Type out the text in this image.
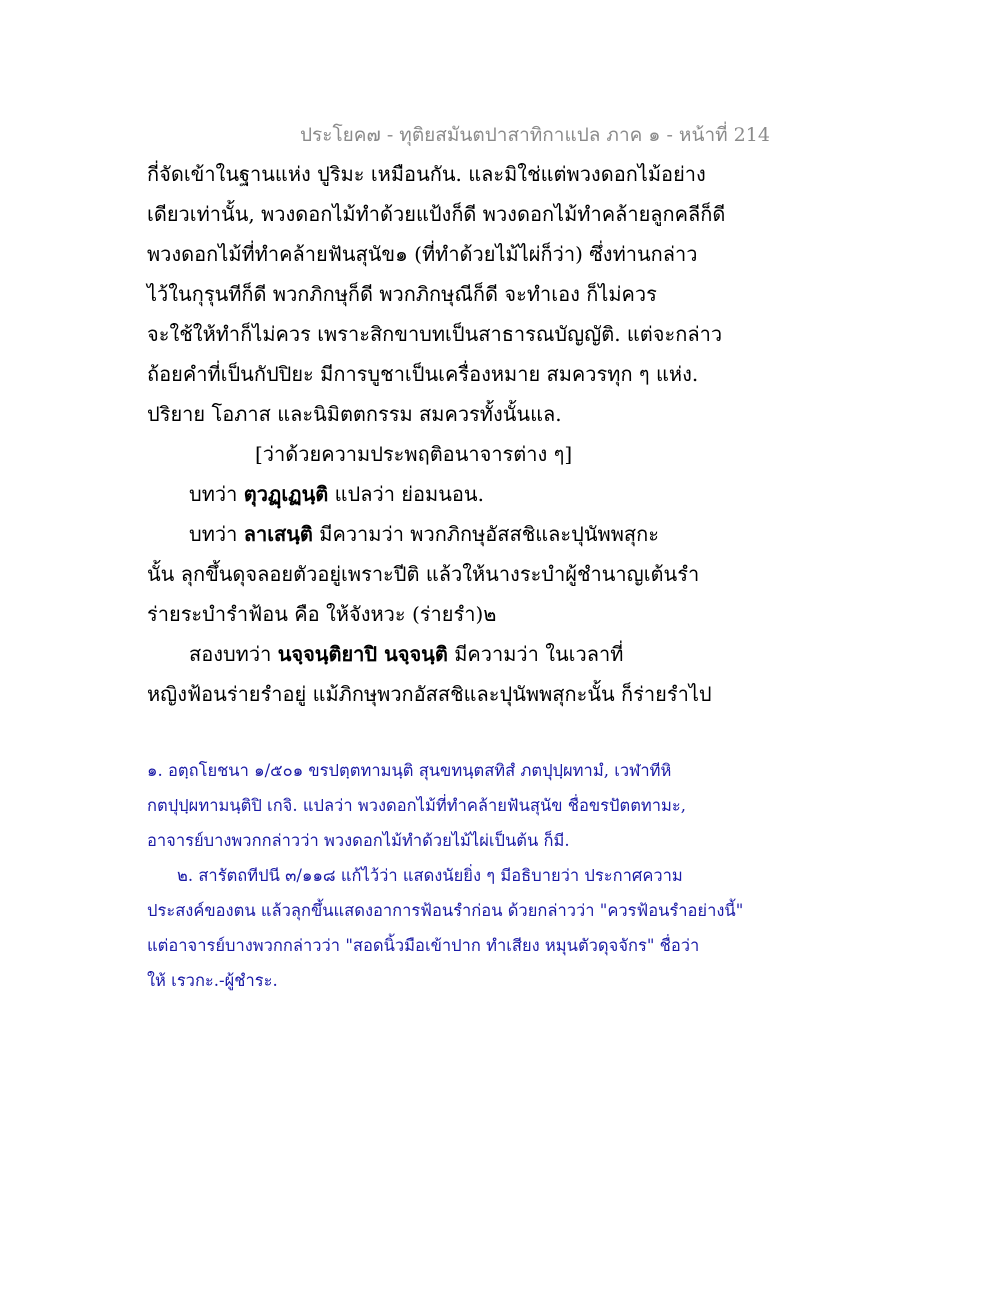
ประโยค๗ - ทุติยสมันตปาสาทิกาแปล ภาค ๑ - หน้าที่ 214
กี่จัดเข้าในฐานแห่ง ปูริมะ เหมือนกัน. และมิใช่แต่พวงดอกไม้อย่าง
เดียวเท่านั้น, พวงดอกไม้ทำด้วยแป้งก็ดี พวงดอกไม้ทำคล้ายลูกคลีก็ดี
พวงดอกไม้ที่ทำคล้ายฟันสุนัข๑ (ที่ทำด้วยไม้ไผ่ก็ว่า) ซึ่งท่านกล่าว
ไว้ในกุรุนทีก็ดี พวกภิกษุก็ดี พวกภิกษุณีก็ดี จะทำเอง ก็ไม่ควร
จะใช้ให้ทำก็ไม่ควร เพราะสิกขาบทเป็นสาธารณบัญญัติ. แต่จะกล่าว
ถ้อยคำที่เป็นกัปปิยะ มีการบูชาเป็นเครื่องหมาย สมควรทุก ๆ แห่ง.
ปริยาย โอภาส และนิมิตตกรรม สมควรทั้งนั้นแล.
[ว่าด้วยความประพฤติอนาจารต่าง ๆ]
บทว่า ตุวฏฺเฏนฺติ แปลว่า ย่อมนอน.
บทว่า ลาเสนฺติ มีความว่า พวกภิกษุอัสสชิและปุนัพพสุกะ
นั้น ลุกขึ้นดุจลอยตัวอยู่เพราะปีติ แล้วให้นางระบำผู้ชำนาญเต้นรำ
ร่ายระบำรำฟ้อน คือ ให้จังหวะ (ร่ายรำ)๒
สองบทว่า นจฺจนฺติยาปิ นจฺจนฺติ มีความว่า ในเวลาที่
หญิงฟ้อนร่ายรำอยู่ แม้ภิกษุพวกอัสสชิและปุนัพพสุกะนั้น ก็ร่ายรำไป
๑. อตฺถโยชนา ๑/๕๐๑ ขรปตฺตทามนฺติ สุนขทนฺตสทิสํ ภตปุปฺผทามํ, เวฬาทีหิ
กตปุปฺผทามนฺติปิ เกจิ. แปลว่า พวงดอกไม้ที่ทำคล้ายฟันสุนัข ชื่อขรปัตตทามะ,
อาจารย์บางพวกกล่าวว่า พวงดอกไม้ทำด้วยไม้ไผ่เป็นต้น ก็มี.
๒. สารัตถทีปนี ๓/๑๑๘ แก้ไว้ว่า แสดงนัยยิ่ง ๆ มีอธิบายว่า ประกาศความ
ประสงค์ของตน แล้วลุกขึ้นแสดงอาการฟ้อนรำก่อน ด้วยกล่าวว่า "ควรฟ้อนรำอย่างนี้"
แต่อาจารย์บางพวกกล่าวว่า "สอดนิ้วมือเข้าปาก ทำเสียง หมุนตัวดุจจักร" ชื่อว่า
ให้ เรวกะ.-ผู้ชำระ.
